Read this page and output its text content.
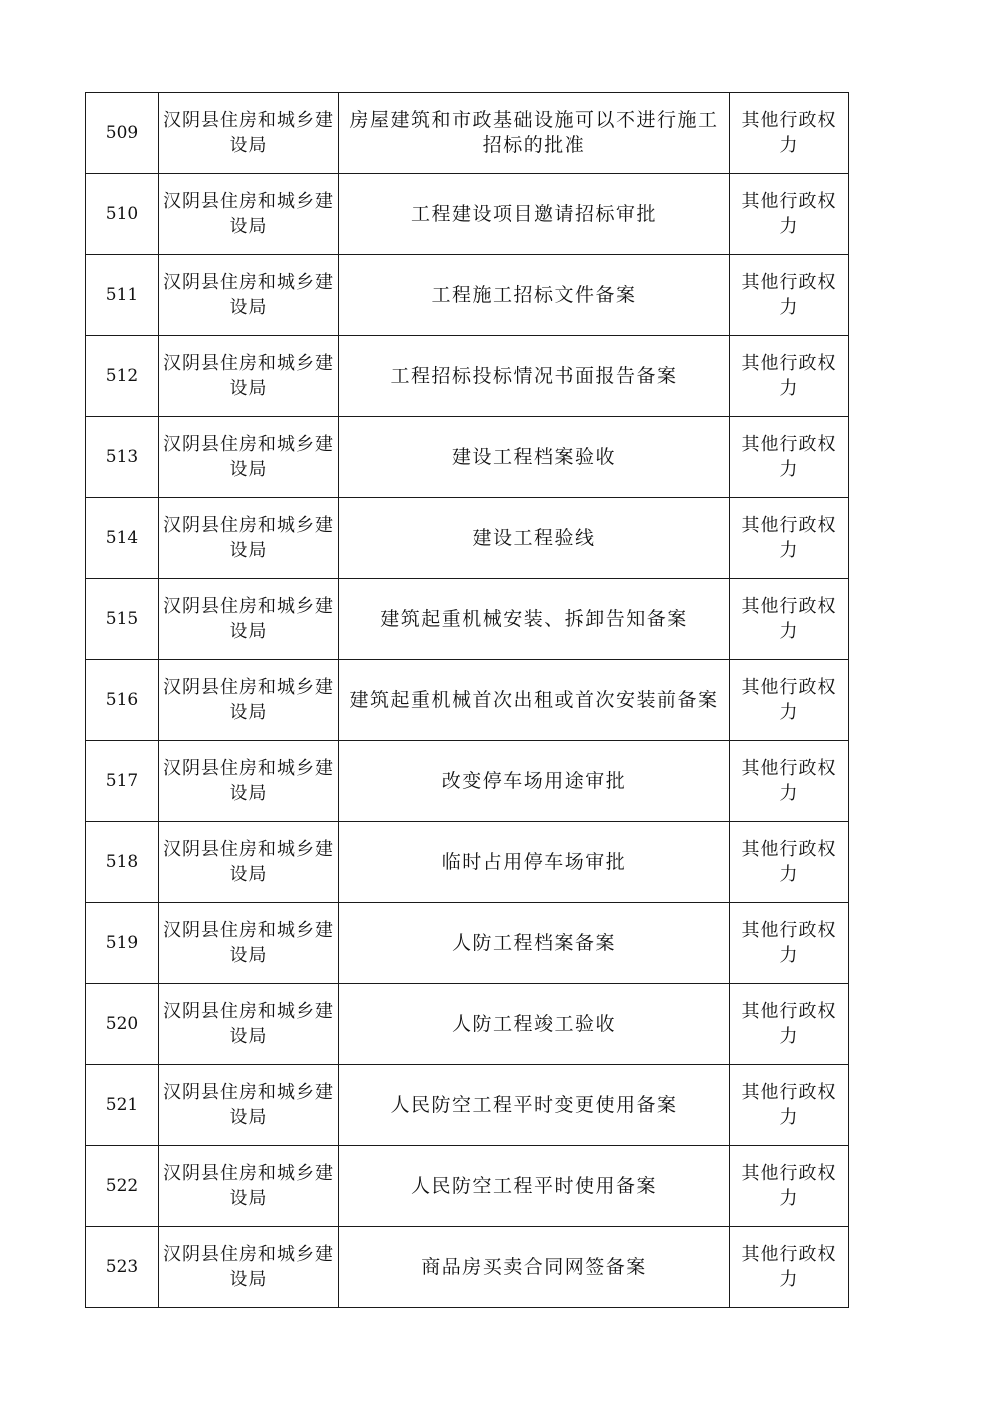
509	汉阴县住房和城乡建设局	房屋建筑和市政基础设施可以不进行施工招标的批准	其他行政权力
510	汉阴县住房和城乡建设局	工程建设项目邀请招标审批	其他行政权力
511	汉阴县住房和城乡建设局	工程施工招标文件备案	其他行政权力
512	汉阴县住房和城乡建设局	工程招标投标情况书面报告备案	其他行政权力
513	汉阴县住房和城乡建设局	建设工程档案验收	其他行政权力
514	汉阴县住房和城乡建设局	建设工程验线	其他行政权力
515	汉阴县住房和城乡建设局	建筑起重机械安装、拆卸告知备案	其他行政权力
516	汉阴县住房和城乡建设局	建筑起重机械首次出租或首次安装前备案	其他行政权力
517	汉阴县住房和城乡建设局	改变停车场用途审批	其他行政权力
518	汉阴县住房和城乡建设局	临时占用停车场审批	其他行政权力
519	汉阴县住房和城乡建设局	人防工程档案备案	其他行政权力
520	汉阴县住房和城乡建设局	人防工程竣工验收	其他行政权力
521	汉阴县住房和城乡建设局	人民防空工程平时变更使用备案	其他行政权力
522	汉阴县住房和城乡建设局	人民防空工程平时使用备案	其他行政权力
523	汉阴县住房和城乡建设局	商品房买卖合同网签备案	其他行政权力
